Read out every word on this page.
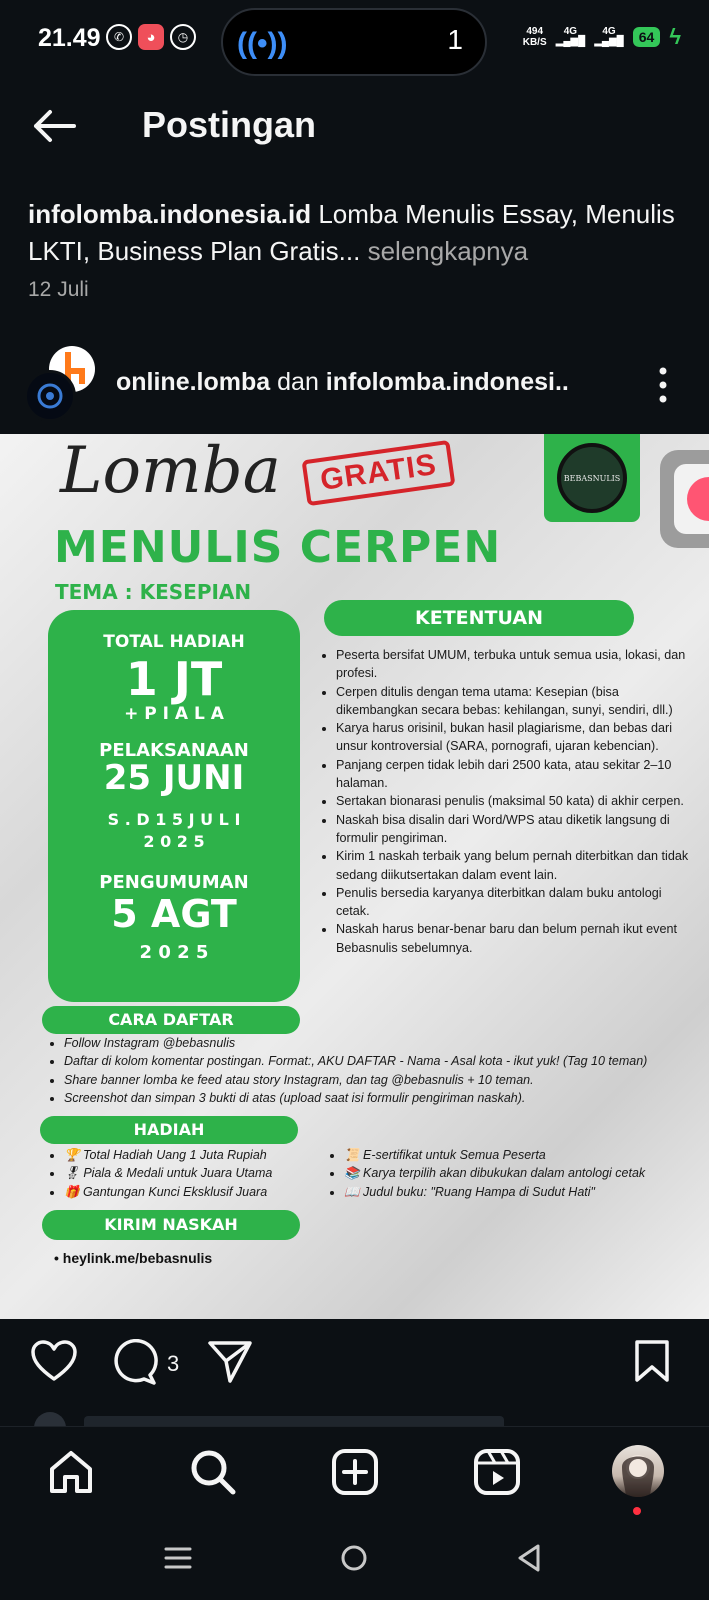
21.49	✆	◕	◷ ((•))	1	494
KB/S
4G
▂▄▆█
4G
▂▄▆█	64 ϟ
Postingan
infolomba.indonesia.id Lomba Menulis Essay, Menulis LKTI, Business Plan Gratis... selengkapnya
12 Juli
online.lomba dan infolomba.indonesi..
Lomba	GRATIS	BEBASNULIS
MENULIS CERPEN
TEMA : KESEPIAN
TOTAL HADIAH
1 JT
+ P I A L A
PELAKSANAAN
25 JUNI
S . D 1 5 J U L I
2 0 2 5
PENGUMUMAN
5 AGT
2 0 2 5
KETENTUAN
• Peserta bersifat UMUM, terbuka untuk semua usia, lokasi, dan profesi.
• Cerpen ditulis dengan tema utama: Kesepian (bisa dikembangkan secara bebas: kehilangan, sunyi, sendiri, dll.)
• Karya harus orisinil, bukan hasil plagiarisme, dan bebas dari unsur kontroversial (SARA, pornografi, ujaran kebencian).
• Panjang cerpen tidak lebih dari 2500 kata, atau sekitar 2–10 halaman.
• Sertakan bionarasi penulis (maksimal 50 kata) di akhir cerpen.
• Naskah bisa disalin dari Word/WPS atau diketik langsung di formulir pengiriman.
• Kirim 1 naskah terbaik yang belum pernah diterbitkan dan tidak sedang diikutsertakan dalam event lain.
• Penulis bersedia karyanya diterbitkan dalam buku antologi cetak.
• Naskah harus benar-benar baru dan belum pernah ikut event Bebasnulis sebelumnya.
CARA DAFTAR
• Follow Instagram @bebasnulis
• Daftar di kolom komentar postingan. Format:, AKU DAFTAR - Nama - Asal kota - ikut yuk! (Tag 10 teman)
• Share banner lomba ke feed atau story Instagram, dan tag @bebasnulis + 10 teman.
• Screenshot dan simpan 3 bukti di atas (upload saat isi formulir pengiriman naskah).
HADIAH
• 🏆 Total Hadiah Uang 1 Juta Rupiah
• 🎖 Piala & Medali untuk Juara Utama
• 🎁 Gantungan Kunci Eksklusif Juara
• 📜 E-sertifikat untuk Semua Peserta
• 📚 Karya terpilih akan dibukukan dalam antologi cetak
• 📖 Judul buku: "Ruang Hampa di Sudut Hati"
KIRIM NASKAH
• heylink.me/bebasnulis
3
